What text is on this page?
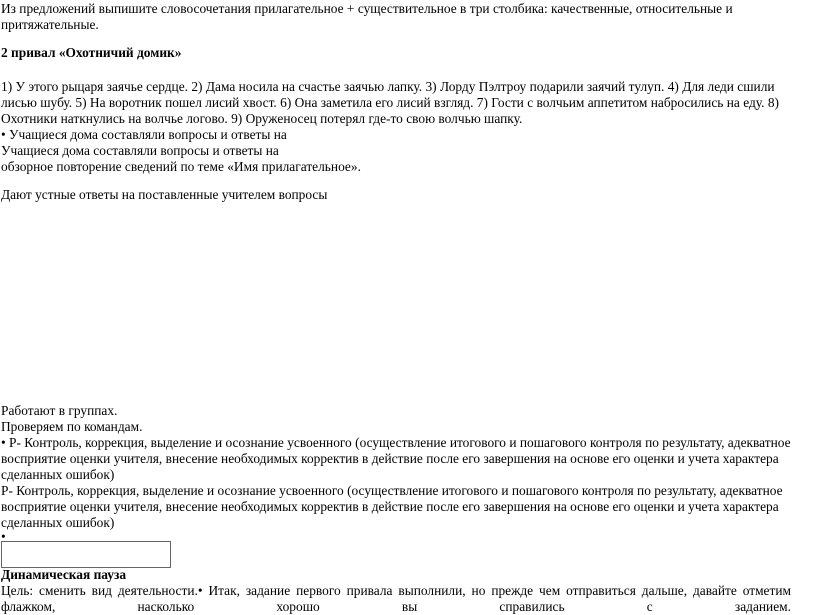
Из предложений выпишите словосочетания прилагательное + существительное в три столбика: качественные, относительные и притяжательные.
2 привал «Охотничий домик»
1) У этого рыцаря заячье сердце. 2) Дама носила на счастье заячью лапку. 3) Лорду Пэлтроу подарили заячий тулуп. 4) Для леди сшили лисью шубу. 5) На воротник пошел лисий хвост. 6) Она заметила его лисий взгляд. 7) Гости с волчьим аппетитом набросились на еду. 8) Охотники наткнулись на волчье логово. 9) Оруженосец потерял где-то свою волчью шапку.
• Учащиеся дома составляли вопросы и ответы на
Учащиеся дома составляли вопросы и ответы на
обзорное повторение сведений по теме «Имя прилагательное».
Дают устные ответы на поставленные учителем вопросы
Работают в группах.
Проверяем по командам.
• Р- Контроль, коррекция, выделение и осознание усвоенного (осуществление итогового и пошагового контроля по результату, адекватное восприятие оценки учителя, внесение необходимых корректив в действие после его завершения на основе его оценки и учета характера сделанных ошибок)
Р- Контроль, коррекция, выделение и осознание усвоенного (осуществление итогового и пошагового контроля по результату, адекватное восприятие оценки учителя, внесение необходимых корректив в действие после его завершения на основе его оценки и учета характера сделанных ошибок)
•
Динамическая пауза
Цель: сменить вид деятельности.• Итак, задание первого привала выполнили, но прежде чем отправиться дальше, давайте отметим флажком, насколько хорошо вы справились с заданием.
